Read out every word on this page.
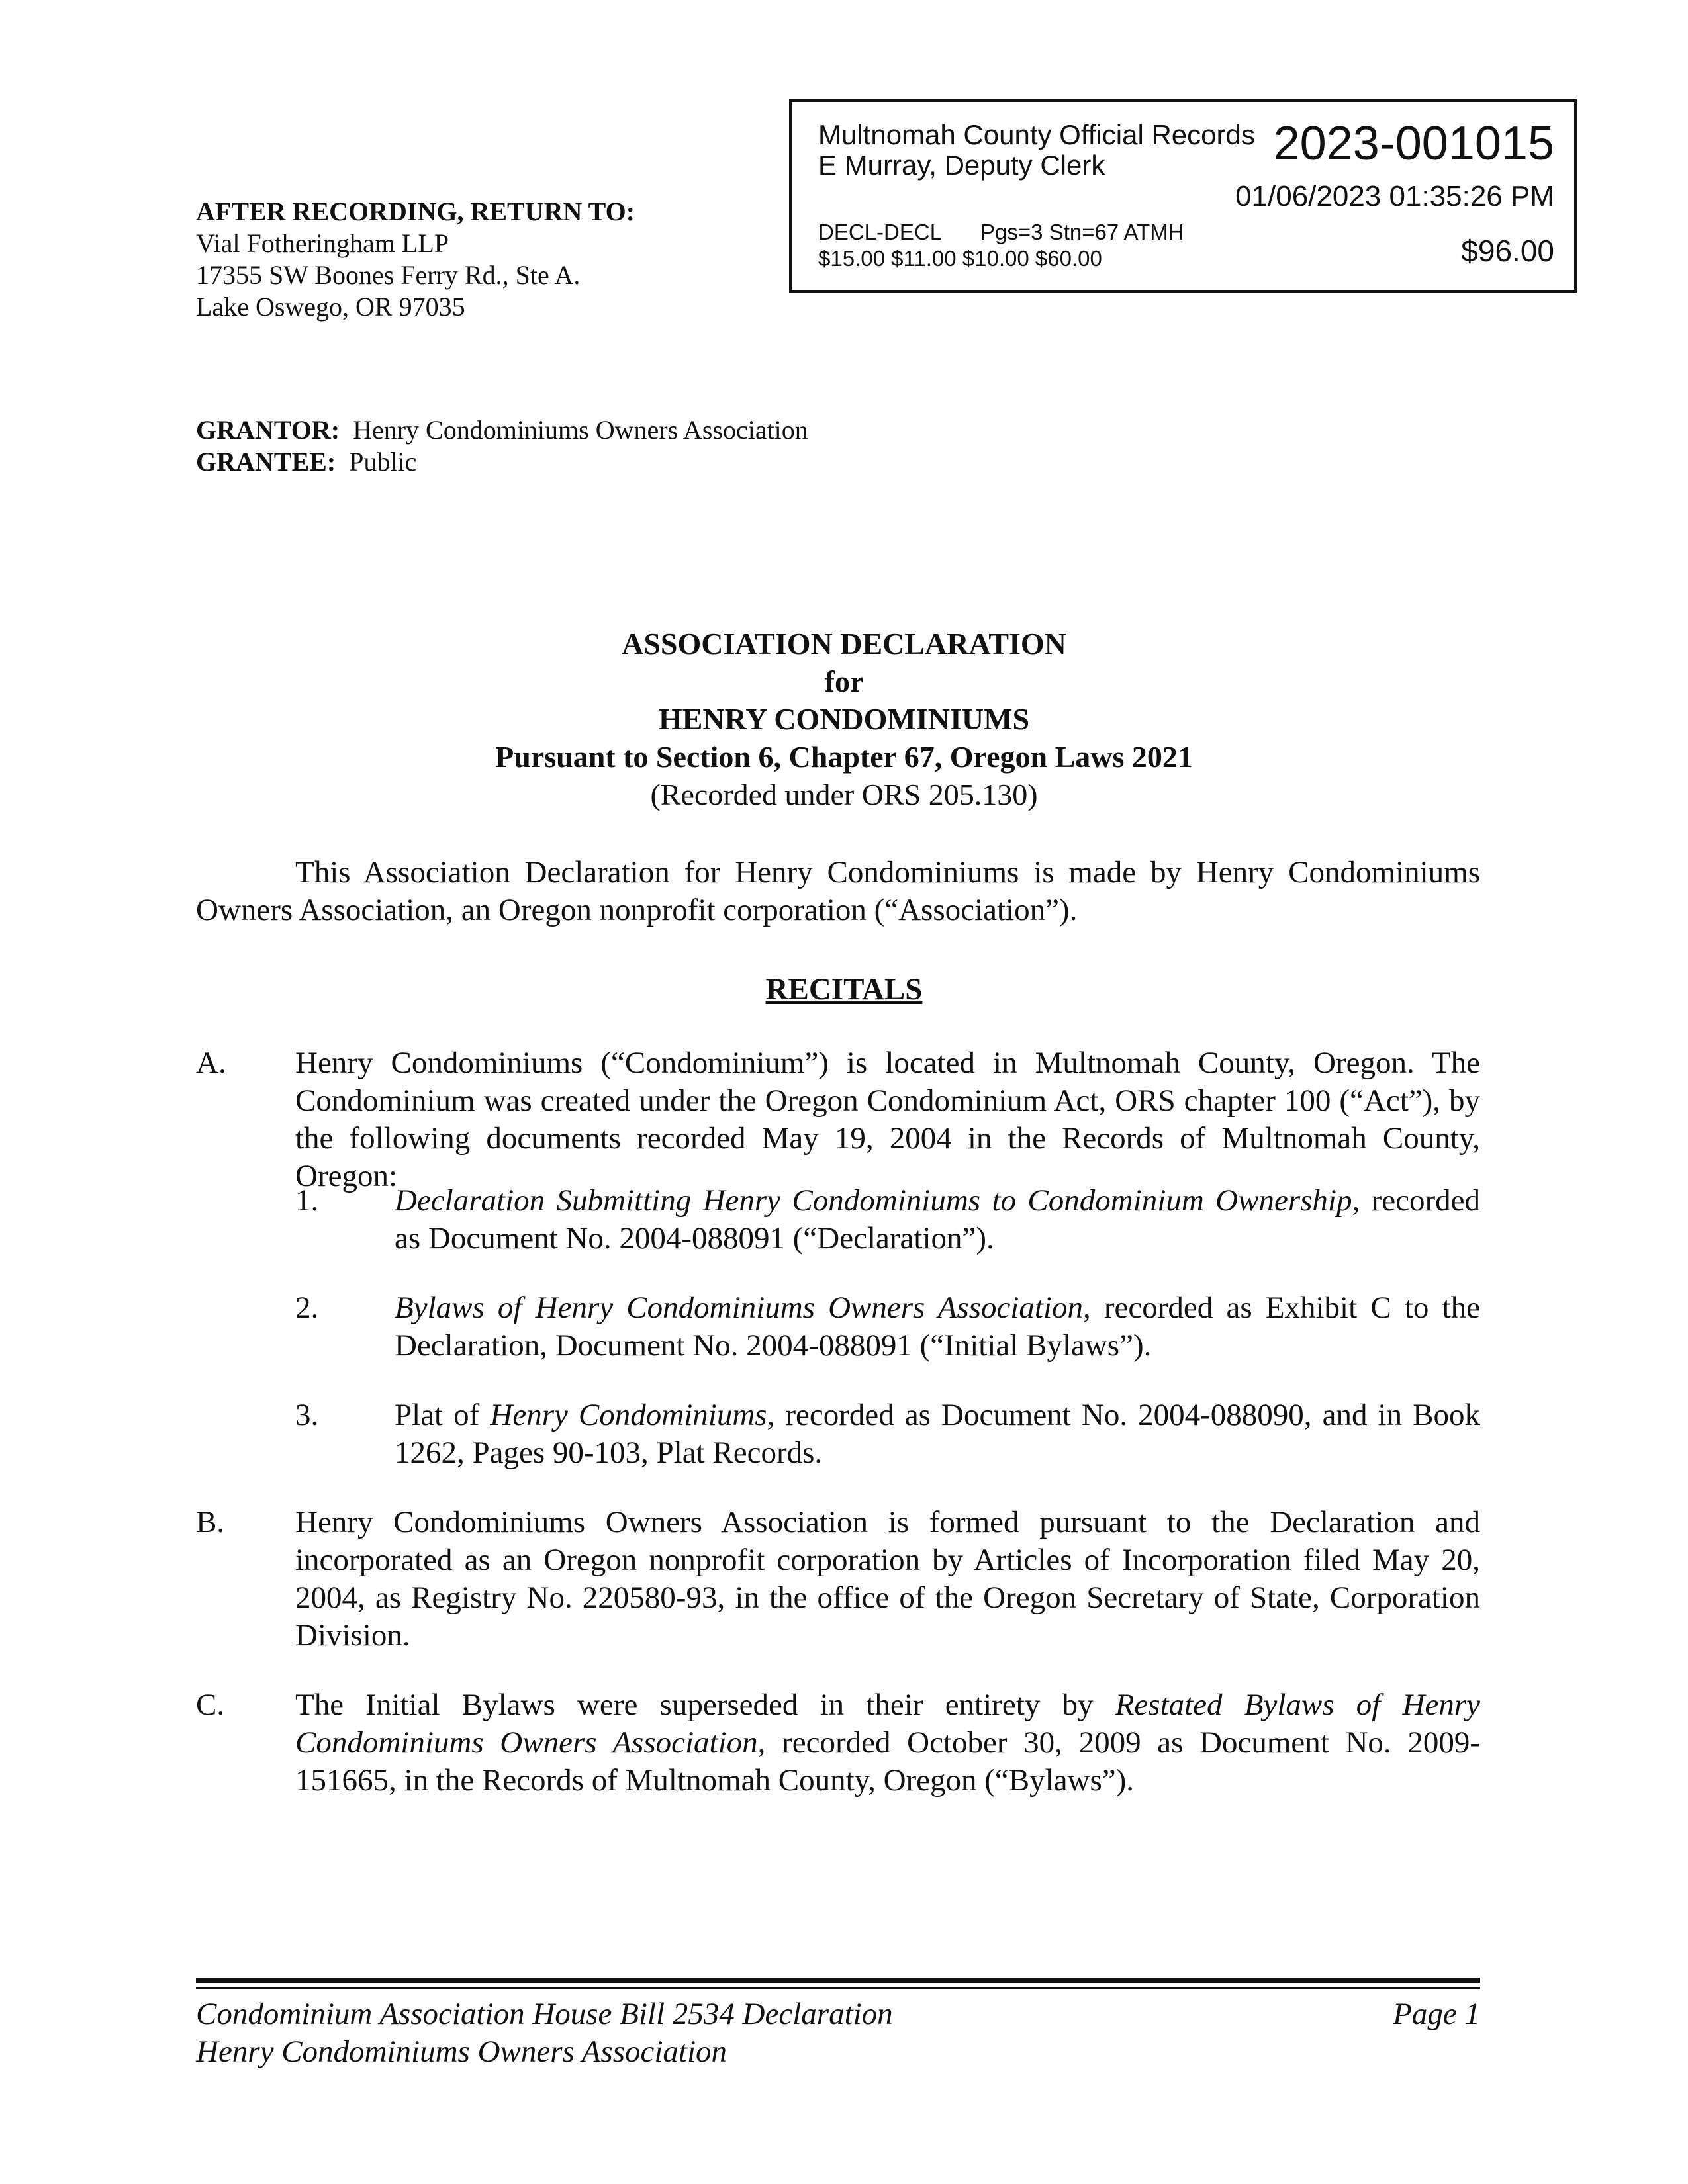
Multnomah County Official Records
E Murray, Deputy Clerk	2023-001015
01/06/2023 01:35:26 PM
DECL-DECL Pgs=3 Stn=67 ATMH
$15.00 $11.00 $10.00 $60.00	$96.00
AFTER RECORDING, RETURN TO:
Vial Fotheringham LLP
17355 SW Boones Ferry Rd., Ste A.
Lake Oswego, OR 97035
GRANTOR: Henry Condominiums Owners Association
GRANTEE: Public
ASSOCIATION DECLARATION
for
HENRY CONDOMINIUMS
Pursuant to Section 6, Chapter 67, Oregon Laws 2021
(Recorded under ORS 205.130)
This Association Declaration for Henry Condominiums is made by Henry Condominiums Owners Association, an Oregon nonprofit corporation (“Association”).
RECITALS
A. Henry Condominiums (“Condominium”) is located in Multnomah County, Oregon. The Condominium was created under the Oregon Condominium Act, ORS chapter 100 (“Act”), by the following documents recorded May 19, 2004 in the Records of Multnomah County, Oregon:
1. Declaration Submitting Henry Condominiums to Condominium Ownership, recorded as Document No. 2004-088091 (“Declaration”).
2. Bylaws of Henry Condominiums Owners Association, recorded as Exhibit C to the Declaration, Document No. 2004-088091 (“Initial Bylaws”).
3. Plat of Henry Condominiums, recorded as Document No. 2004-088090, and in Book 1262, Pages 90-103, Plat Records.
B. Henry Condominiums Owners Association is formed pursuant to the Declaration and incorporated as an Oregon nonprofit corporation by Articles of Incorporation filed May 20, 2004, as Registry No. 220580-93, in the office of the Oregon Secretary of State, Corporation Division.
C. The Initial Bylaws were superseded in their entirety by Restated Bylaws of Henry Condominiums Owners Association, recorded October 30, 2009 as Document No. 2009-151665, in the Records of Multnomah County, Oregon (“Bylaws”).
Condominium Association House Bill 2534 Declaration
Henry Condominiums Owners Association
Page 1
